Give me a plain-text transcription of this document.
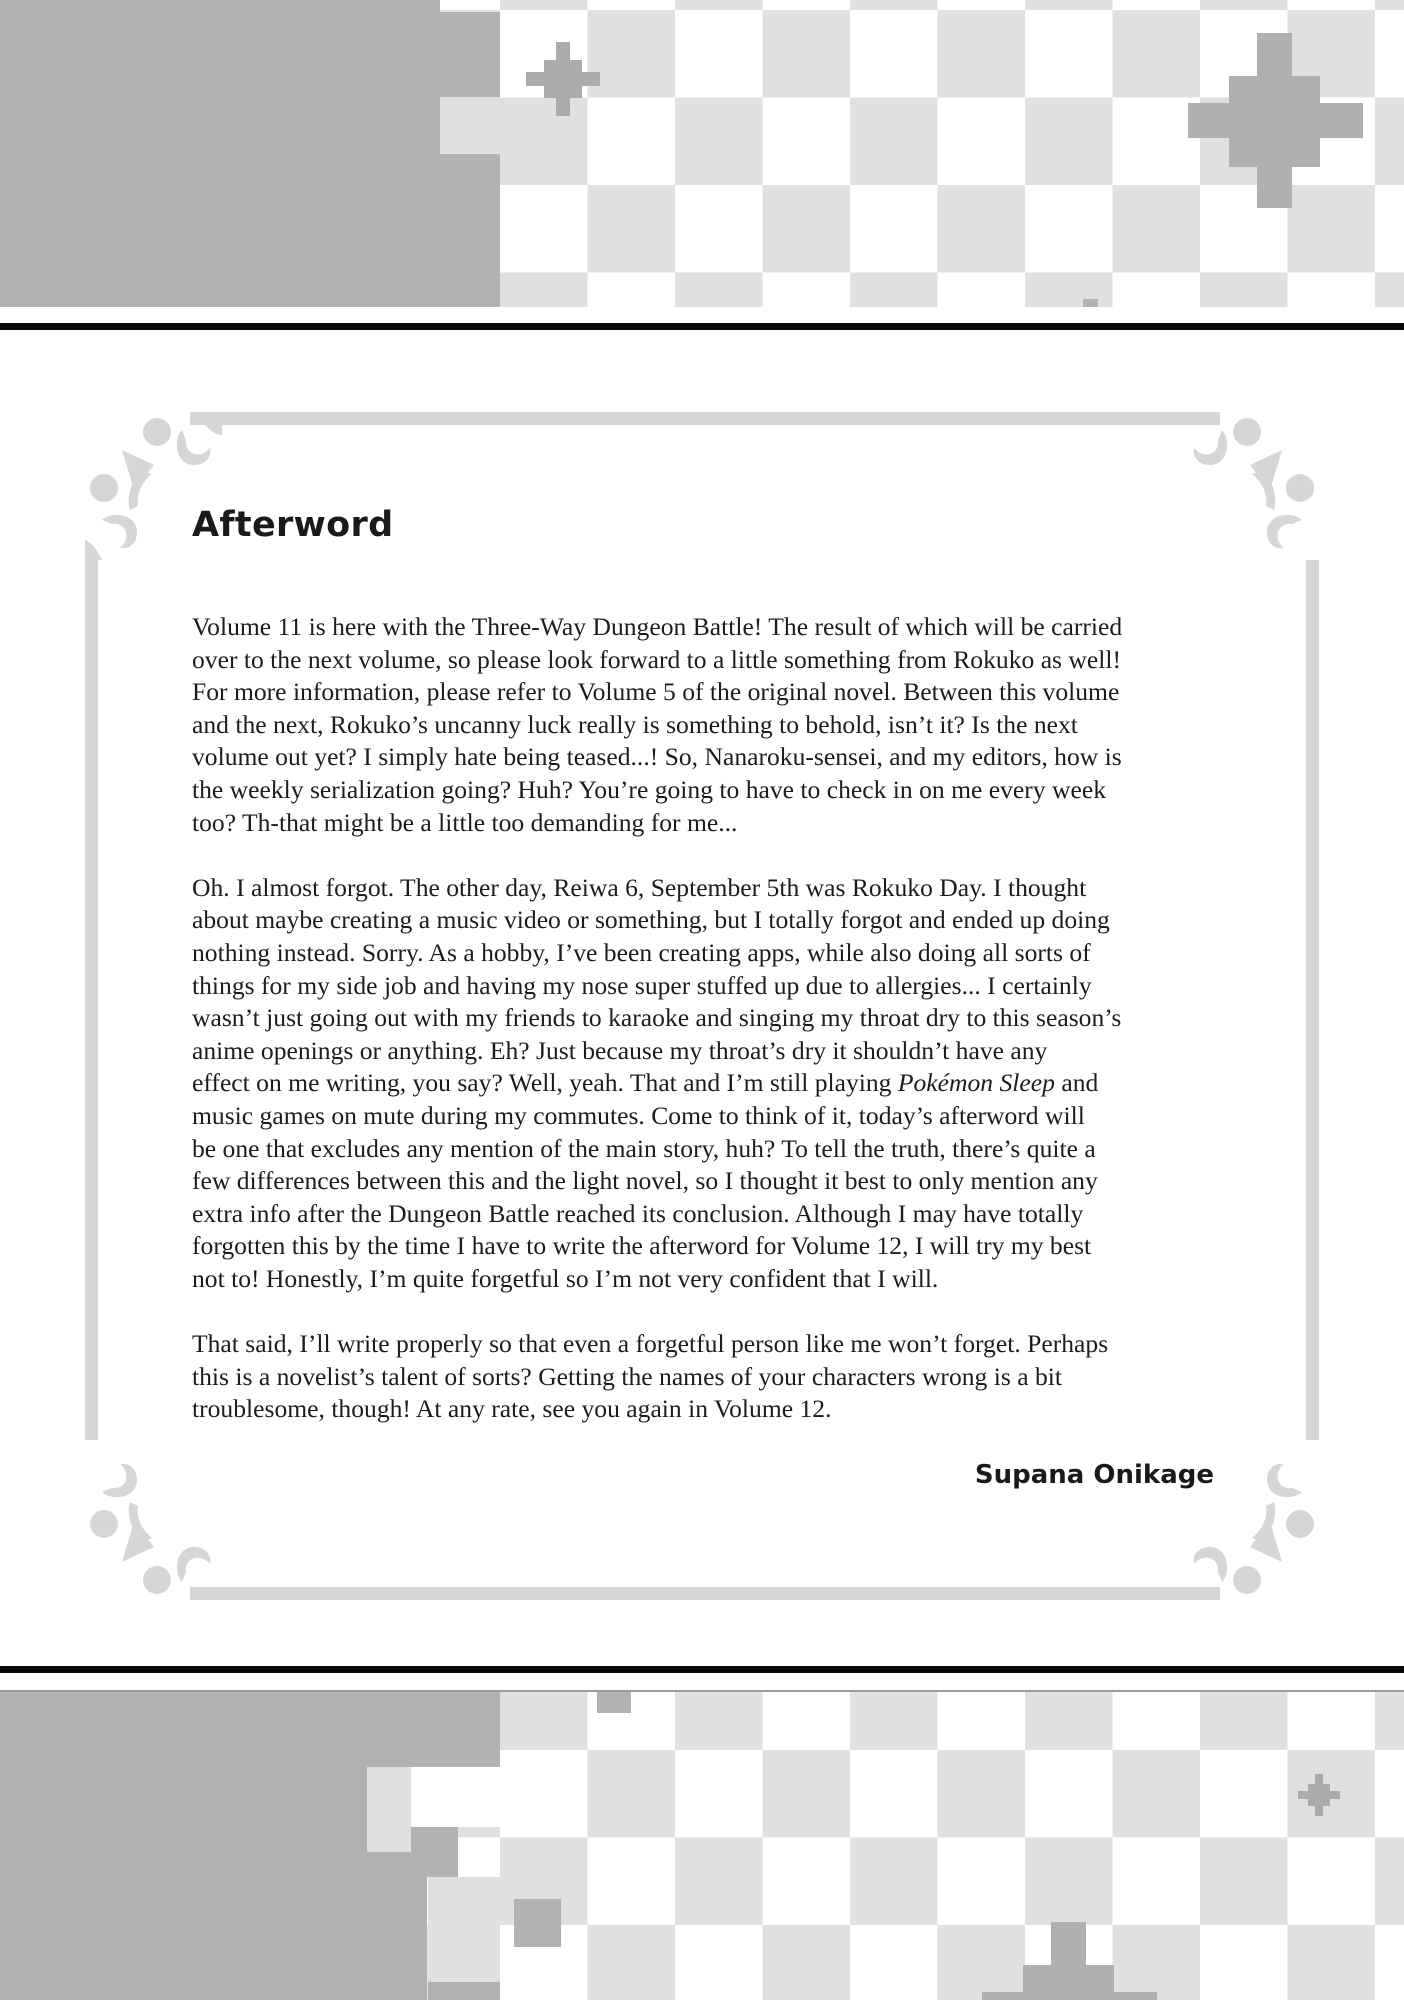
Afterword

Volume 11 is here with the Three-Way Dungeon Battle! The result of which will be carried
over to the next volume, so please look forward to a little something from Rokuko as well!
For more information, please refer to Volume 5 of the original novel. Between this volume
and the next, Rokuko’s uncanny luck really is something to behold, isn’t it? Is the next
volume out yet? I simply hate being teased...! So, Nanaroku-sensei, and my editors, how is
the weekly serialization going? Huh? You’re going to have to check in on me every week
too? Th-that might be a little too demanding for me...

Oh. I almost forgot. The other day, Reiwa 6, September 5th was Rokuko Day. I thought
about maybe creating a music video or something, but I totally forgot and ended up doing
nothing instead. Sorry. As a hobby, I’ve been creating apps, while also doing all sorts of
things for my side job and having my nose super stuffed up due to allergies... I certainly
wasn’t just going out with my friends to karaoke and singing my throat dry to this season’s
anime openings or anything. Eh? Just because my throat’s dry it shouldn’t have any
effect on me writing, you say? Well, yeah. That and I’m still playing Pokémon Sleep and
music games on mute during my commutes. Come to think of it, today’s afterword will
be one that excludes any mention of the main story, huh? To tell the truth, there’s quite a
few differences between this and the light novel, so I thought it best to only mention any
extra info after the Dungeon Battle reached its conclusion. Although I may have totally
forgotten this by the time I have to write the afterword for Volume 12, I will try my best
not to! Honestly, I’m quite forgetful so I’m not very confident that I will.

That said, I’ll write properly so that even a forgetful person like me won’t forget. Perhaps
this is a novelist’s talent of sorts? Getting the names of your characters wrong is a bit
troublesome, though! At any rate, see you again in Volume 12.

Supana Onikage
